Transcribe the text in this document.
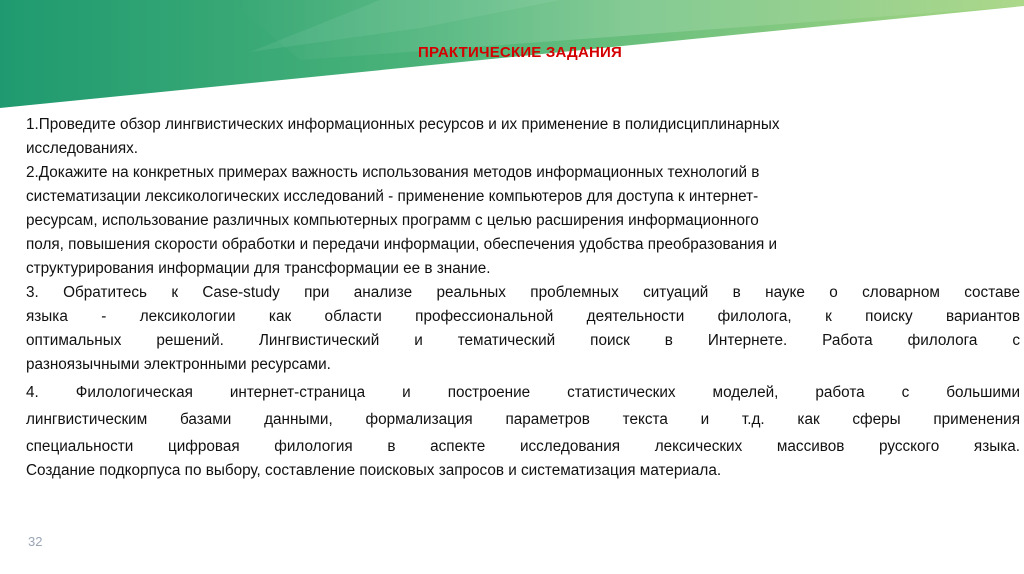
ПРАКТИЧЕСКИЕ ЗАДАНИЯ
1.Проведите обзор лингвистических информационных ресурсов и их применение в полидисциплинарных
исследованиях.
2.Докажите на конкретных примерах важность использования методов информационных технологий в
систематизации лексикологических исследований - применение компьютеров для доступа к интернет-
ресурсам, использование различных компьютерных программ с целью расширения информационного
поля, повышения скорости обработки и передачи информации, обеспечения удобства преобразования и
структурирования информации для трансформации ее в знание.
3. Обратитесь к Case-study при анализе реальных проблемных ситуаций в науке о словарном составе
языка - лексикологии как области профессиональной деятельности филолога, к поиску вариантов
оптимальных решений. Лингвистический и тематический поиск в Интернете. Работа филолога с
разноязычными электронными ресурсами.
4. Филологическая интернет-страница и построение статистических моделей, работа с большими
лингвистическим базами данными, формализация параметров текста и т.д. как сферы применения
специальности цифровая филология в аспекте исследования лексических массивов русского языка.
Создание подкорпуса по выбору, составление поисковых запросов и систематизация материала.
32
